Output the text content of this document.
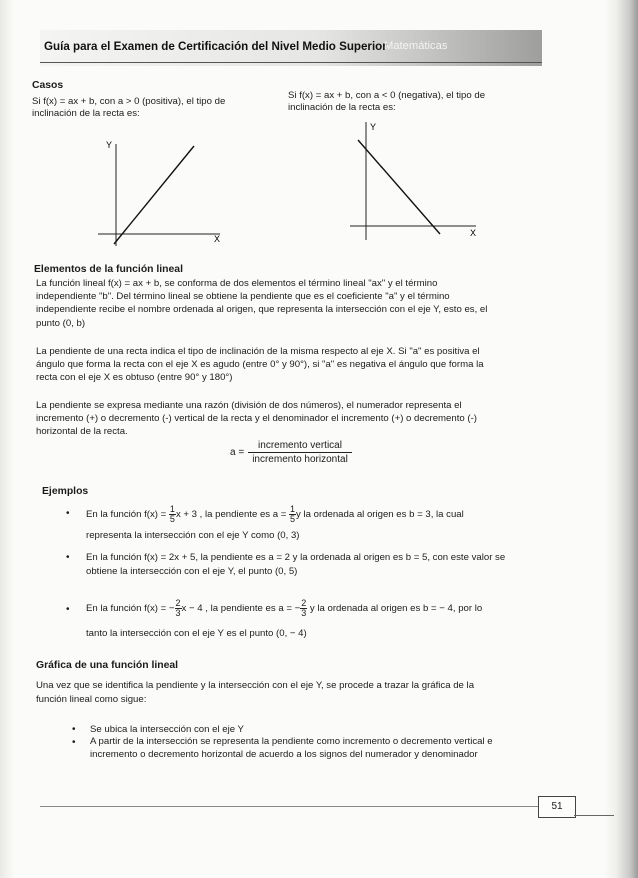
Guía para el Examen de Certificación del Nivel Medio Superior
Matemáticas
Casos
Si f(x) = ax + b, con a > 0 (positiva), el tipo de
inclinación de la recta es:
Si f(x) = ax + b, con a < 0 (negativa), el tipo de
inclinación de la recta es:
Y
X
Y
X
Elementos de la función lineal
La función lineal f(x) = ax + b, se conforma de dos elementos el término lineal "ax" y el término
independiente "b". Del término lineal se obtiene la pendiente que es el coeficiente "a" y el término
independiente recibe el nombre ordenada al origen, que representa la intersección con el eje Y, esto es, el
punto (0, b)
La pendiente de una recta indica el tipo de inclinación de la misma respecto al eje X. Si "a" es positiva el
ángulo que forma la recta con el eje X es agudo (entre 0° y 90°), si "a" es negativa el ángulo que forma la
recta con el eje X es obtuso (entre 90° y 180°)
La pendiente se expresa mediante una razón (división de dos números), el numerador representa el
incremento (+) o decremento (-) vertical de la recta y el denominador el incremento (+) o decremento (-)
horizontal de la recta.
$a = \frac{\text{incremento vertical}}{\text{incremento horizontal}}$
Ejemplos
• En la función $f(x) = \frac{1}{5}$ x + 3 , la pendiente es $a = \frac{1}{5}$ y la ordenada al origen es b = 3, la cual
representa la intersección con el eje Y como (0, 3)
• En la función f(x) = 2x + 5, la pendiente es a = 2 y la ordenada al origen es b = 5, con este valor se
obtiene la intersección con el eje Y, el punto (0, 5)
• En la función f(x) = − $\frac{2}{3}$ x − 4 , la pendiente es a = − $\frac{2}{3}$ y la ordenada al origen es b = − 4, por lo
tanto la intersección con el eje Y es el punto (0, − 4)
Gráfica de una función lineal
Una vez que se identifica la pendiente y la intersección con el eje Y, se procede a trazar la gráfica de la
función lineal como sigue:
• Se ubica la intersección con el eje Y
• A partir de la intersección se representa la pendiente como incremento o decremento vertical e
incremento o decremento horizontal de acuerdo a los signos del numerador y denominador
51
